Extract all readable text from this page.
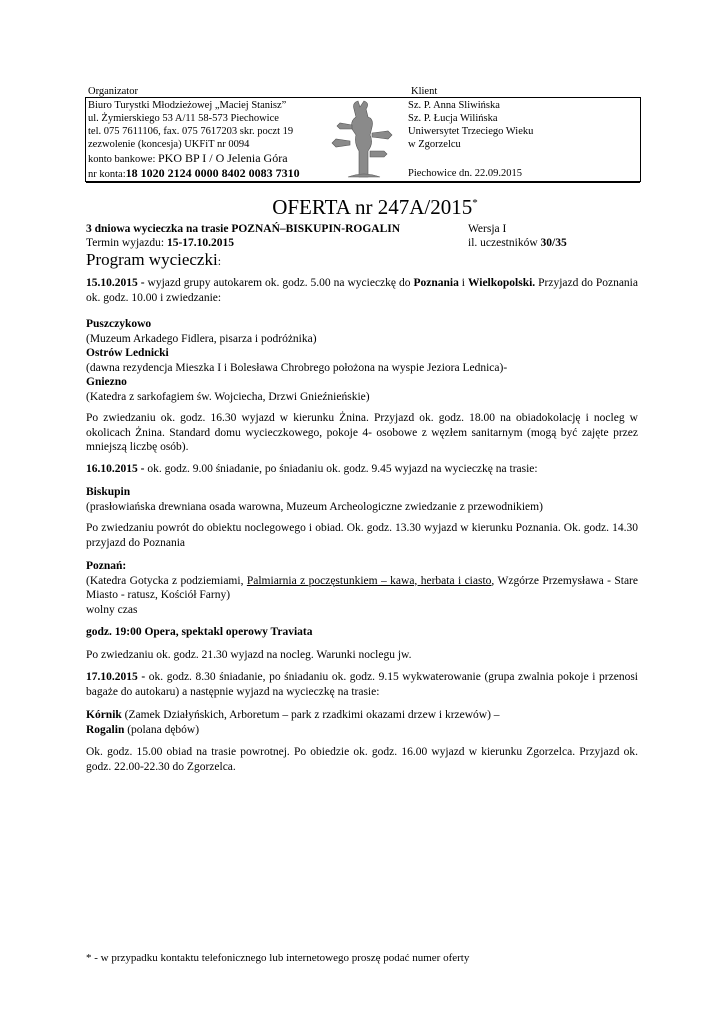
Organizator	Klient
Biuro Turystki Młodzieżowej „Maciej Stanisz”
ul. Żymierskiego 53 A/11 58-573 Piechowice
tel. 075 7611106, fax. 075 7617203 skr. poczt 19
zezwolenie (koncesja) UKFiT nr 0094
konto bankowe: PKO BP I / O Jelenia Góra
nr konta:18 1020 2124 0000 8402 0083 7310
Sz. P. Anna Sliwińska
Sz. P. Łucja Wilińska
Uniwersytet Trzeciego Wieku
w Zgorzelcu
Piechowice dn. 22.09.2015
OFERTA nr 247A/2015*
3 dniowa wycieczka na trasie POZNAŃ–BISKUPIN-ROGALIN	Wersja I
Termin wyjazdu: 15-17.10.2015	il. uczestników 30/35
Program wycieczki:

15.10.2015 - wyjazd grupy autokarem ok. godz. 5.00 na wycieczkę do Poznania i Wielkopolski. Przyjazd do Poznania ok. godz. 10.00 i zwiedzanie:

Puszczykowo
(Muzeum Arkadego Fidlera, pisarza i podróżnika)
Ostrów Lednicki
(dawna rezydencja Mieszka I i Bolesława Chrobrego położona na wyspie Jeziora Lednica)-
Gniezno
(Katedra z sarkofagiem św. Wojciecha, Drzwi Gnieźnieńskie)

Po zwiedzaniu ok. godz. 16.30 wyjazd w kierunku Żnina. Przyjazd ok. godz. 18.00 na obiadokolację i nocleg w okolicach Żnina. Standard domu wycieczkowego, pokoje 4- osobowe z węzłem sanitarnym (mogą być zajęte przez mniejszą liczbę osób).

16.10.2015 - ok. godz. 9.00 śniadanie, po śniadaniu ok. godz. 9.45 wyjazd na wycieczkę na trasie:

Biskupin
(prasłowiańska drewniana osada warowna, Muzeum Archeologiczne zwiedzanie z przewodnikiem)

Po zwiedzaniu powrót do obiektu noclegowego i obiad. Ok. godz. 13.30 wyjazd w kierunku Poznania. Ok. godz. 14.30 przyjazd do Poznania

Poznań:
(Katedra Gotycka z podziemiami, Palmiarnia z poczęstunkiem – kawa, herbata i ciasto, Wzgórze Przemysława - Stare Miasto - ratusz, Kościół Farny)
wolny czas

godz. 19:00 Opera, spektakl operowy Traviata

Po zwiedzaniu ok. godz. 21.30 wyjazd na nocleg. Warunki noclegu jw.

17.10.2015 - ok. godz. 8.30 śniadanie, po śniadaniu ok. godz. 9.15 wykwaterowanie (grupa zwalnia pokoje i przenosi bagaże do autokaru) a następnie wyjazd na wycieczkę na trasie:

Kórnik (Zamek Działyńskich, Arboretum – park z rzadkimi okazami drzew i krzewów) –
Rogalin (polana dębów)

Ok. godz. 15.00 obiad na trasie powrotnej. Po obiedzie ok. godz. 16.00 wyjazd w kierunku Zgorzelca. Przyjazd ok. godz. 22.00-22.30 do Zgorzelca.

* - w przypadku kontaktu telefonicznego lub internetowego proszę podać numer oferty
